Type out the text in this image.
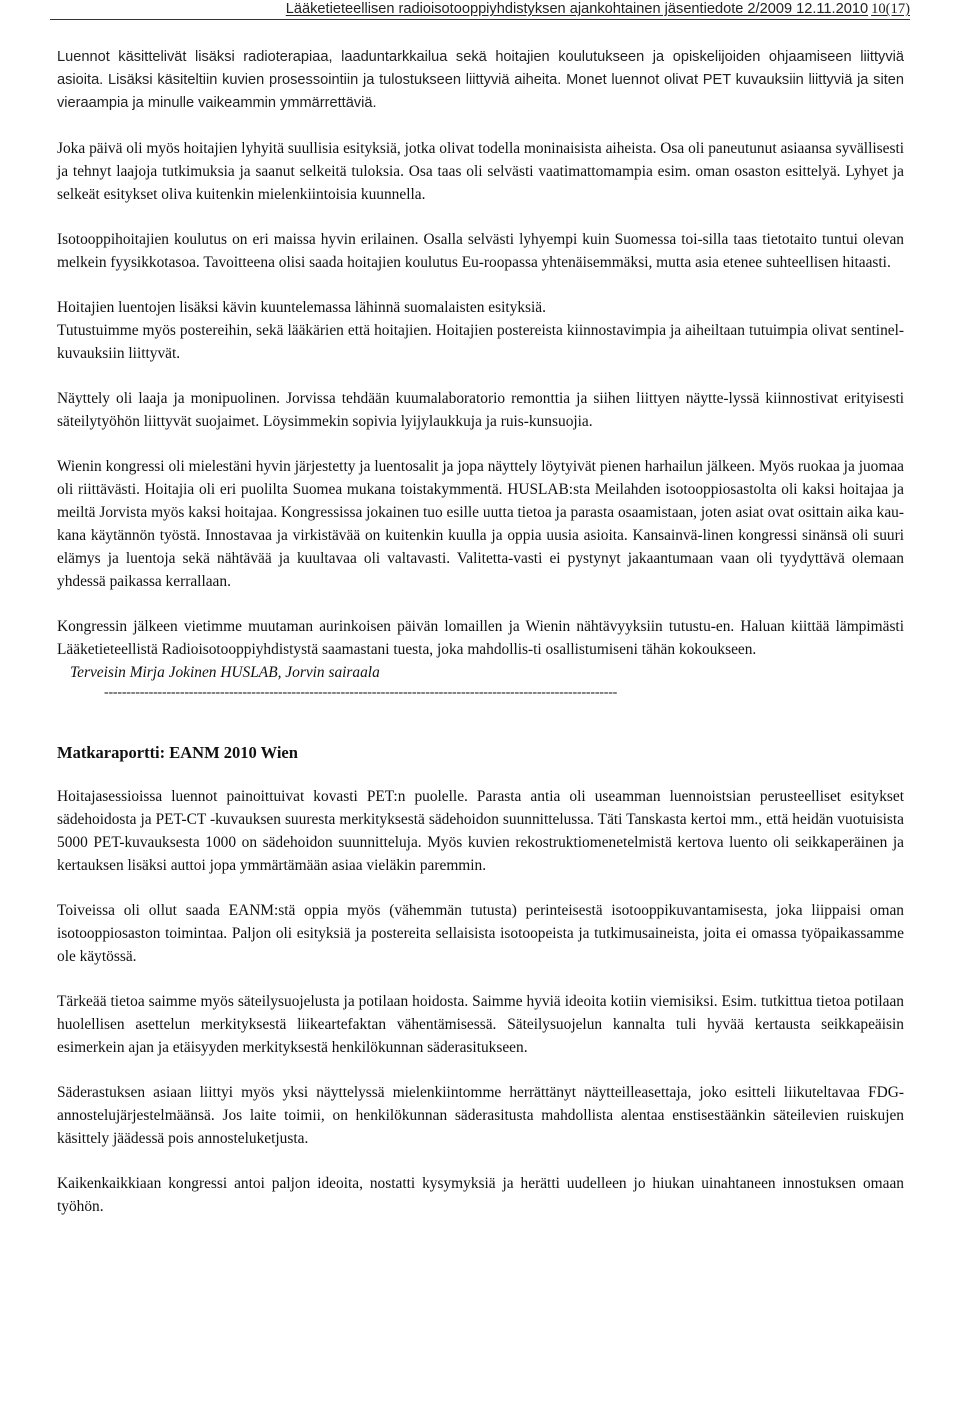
Lääketieteellisen radioisotooppiyhdistyksen ajankohtainen jäsentiedote 2/2009 12.11.2010 10(17)

Luennot käsittelivät lisäksi radioterapiaa, laaduntarkkailua sekä hoitajien koulutukseen ja opiskelijoiden ohjaamiseen liittyviä asioita. Lisäksi käsiteltiin kuvien prosessointiin ja tulostukseen liittyviä aiheita. Monet luennot olivat PET kuvauksiin liittyviä ja siten vieraampia ja minulle vaikeammin ymmärrettäviä.

Joka päivä oli myös hoitajien lyhyitä suullisia esityksiä, jotka olivat todella moninaisista aiheista. Osa oli paneutunut asiaansa syvällisesti ja tehnyt laajoja tutkimuksia ja saanut selkeitä tuloksia. Osa taas oli selvästi vaatimattomampia esim. oman osaston esittelyä. Lyhyet ja selkeät esitykset oliva kuitenkin mielenkiintoisia kuunnella.

Isotooppihoitajien koulutus on eri maissa hyvin erilainen. Osalla selvästi lyhyempi kuin Suomessa toi-silla taas tietotaito tuntui olevan melkein fyysikkotasoa. Tavoitteena olisi saada hoitajien koulutus Eu-roopassa yhtenäisemmäksi, mutta asia etenee suhteellisen hitaasti.

Hoitajien luentojen lisäksi kävin kuuntelemassa lähinnä suomalaisten esityksiä.

Tutustuimme myös postereihin, sekä lääkärien että hoitajien. Hoitajien postereista kiinnostavimpia ja aiheiltaan tutuimpia olivat sentinel-kuvauksiin liittyvät.

Näyttely oli laaja ja monipuolinen. Jorvissa tehdään kuumalaboratorio remonttia ja siihen liittyen näytte-lyssä kiinnostivat erityisesti säteilytyöhön liittyvät suojaimet. Löysimmekin sopivia lyijylaukkuja ja ruis-kunsuojia.

Wienin kongressi oli mielestäni hyvin järjestetty ja luentosalit ja jopa näyttely löytyivät pienen harhailun jälkeen. Myös ruokaa ja juomaa oli riittävästi. Hoitajia oli eri puolilta Suomea mukana toistakymmentä. HUSLAB:sta Meilahden isotooppiosastolta oli kaksi hoitajaa ja meiltä Jorvista myös kaksi hoitajaa. Kongressissa jokainen tuo esille uutta tietoa ja parasta osaamistaan, joten asiat ovat osittain aika kau-kana käytännön työstä. Innostavaa ja virkistävää on kuitenkin kuulla ja oppia uusia asioita. Kansainvä-linen kongressi sinänsä oli suuri elämys ja luentoja sekä nähtävää ja kuultavaa oli valtavasti. Valitetta-vasti ei pystynyt jakaantumaan vaan oli tyydyttävä olemaan yhdessä paikassa kerrallaan.

Kongressin jälkeen vietimme muutaman aurinkoisen päivän lomaillen ja Wienin nähtävyyksiin tutustu-en. Haluan kiittää lämpimästi Lääketieteellistä Radioisotooppiyhdistystä saamastani tuesta, joka mahdollis-ti osallistumiseni tähän kokoukseen.

Terveisin Mirja Jokinen HUSLAB, Jorvin sairaala
-------------------------------------------------------------------------------------------------------------------
Matkaraportti: EANM 2010 Wien

Hoitajasessioissa luennot painoittuivat kovasti PET:n puolelle. Parasta antia oli useamman luennoistsian perusteelliset esitykset sädehoidosta ja PET-CT -kuvauksen suuresta merkityksestä sädehoidon suunnittelussa. Täti Tanskasta kertoi mm., että heidän vuotuisista 5000 PET-kuvauksesta 1000 on sädehoidon suunnitteluja. Myös kuvien rekostruktiomenetelmistä kertova luento oli seikkaperäinen ja kertauksen lisäksi auttoi jopa ymmärtämään asiaa vieläkin paremmin.

Toiveissa oli ollut saada EANM:stä oppia myös (vähemmän tutusta) perinteisestä isotooppikuvantamisesta, joka liippaisi oman isotooppiosaston toimintaa. Paljon oli esityksiä ja postereita sellaisista isotoopeista ja tutkimusaineista, joita ei omassa työpaikassamme ole käytössä.

Tärkeää tietoa saimme myös säteilysuojelusta ja potilaan hoidosta. Saimme hyviä ideoita kotiin viemisiksi. Esim. tutkittua tietoa potilaan huolellisen asettelun merkityksestä liikeartefaktan vähentämisessä. Säteilysuojelun kannalta tuli hyvää kertausta seikkapeäisin esimerkein ajan ja etäisyyden merkityksestä henkilökunnan säderasitukseen.

Säderastuksen asiaan liittyi myös yksi näyttelyssä mielenkiintomme herrättänyt näytteilleasettaja, joko esitteli liikuteltavaa FDG-annostelujärjestelmäänsä. Jos laite toimii, on henkilökunnan säderasitusta mahdollista alentaa enstisestäänkin säteilevien ruiskujen käsittely jäädessä pois annosteluketjusta.

Kaikenkaikkiaan kongressi antoi paljon ideoita, nostatti kysymyksiä ja herätti uudelleen jo hiukan uinahtaneen innostuksen omaan työhön.
